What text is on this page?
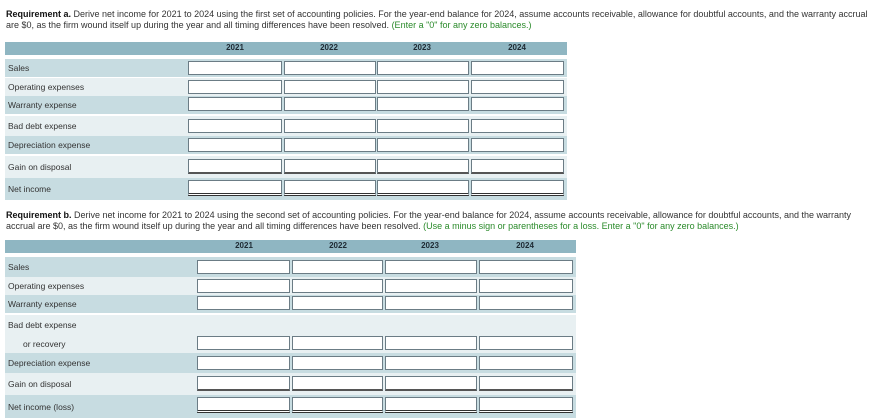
Requirement a. Derive net income for 2021 to 2024 using the first set of accounting policies. For the year-end balance for 2024, assume accounts receivable, allowance for doubtful accounts, and the warranty accrual are $0, as the firm wound itself up during the year and all timing differences have been resolved. (Enter a "0" for any zero balances.)
2021	2022	2023	2024
Sales
Operating expenses
Warranty expense
Bad debt expense
Depreciation expense
Gain on disposal
Net income
Requirement b. Derive net income for 2021 to 2024 using the second set of accounting policies. For the year-end balance for 2024, assume accounts receivable, allowance for doubtful accounts, and the warranty accrual are $0, as the firm wound itself up during the year and all timing differences have been resolved. (Use a minus sign or parentheses for a loss. Enter a "0" for any zero balances.)
2021	2022	2023	2024
Sales
Operating expenses
Warranty expense
Bad debt expense
or recovery
Depreciation expense
Gain on disposal
Net income (loss)
